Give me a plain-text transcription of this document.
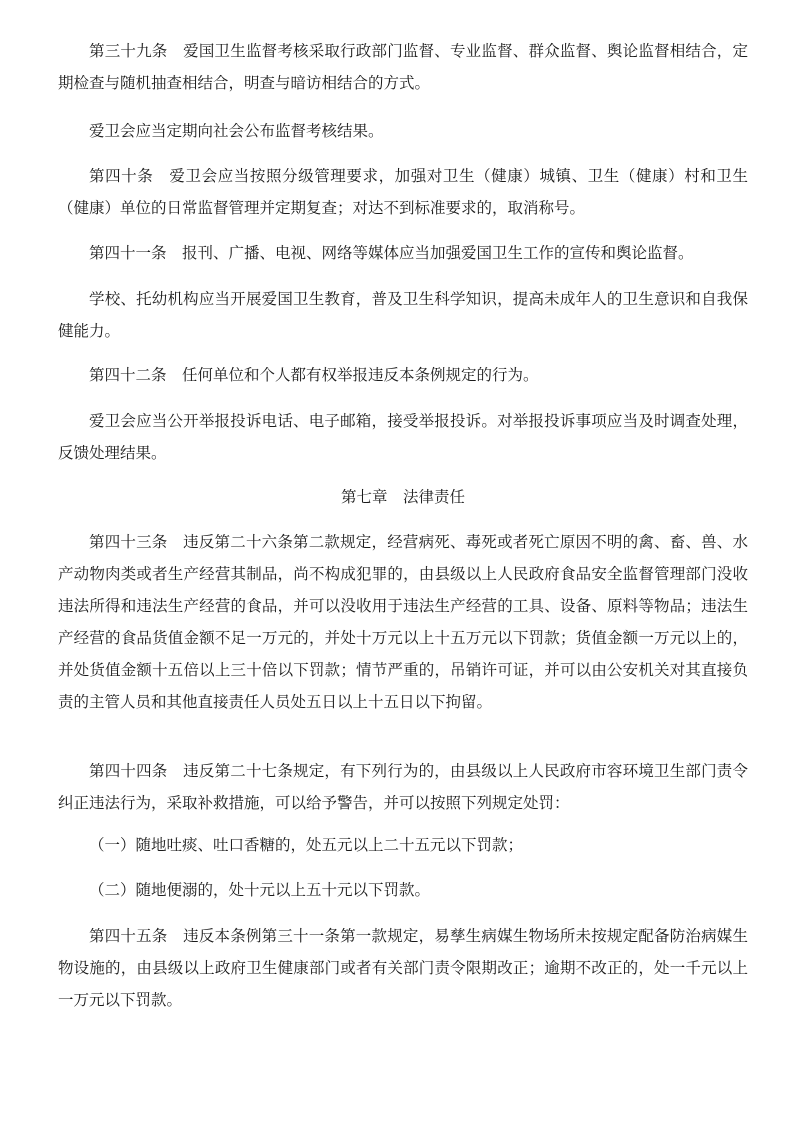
第三十九条　爱国卫生监督考核采取行政部门监督、专业监督、群众监督、舆论监督相结合，定期检查与随机抽查相结合，明查与暗访相结合的方式。

爱卫会应当定期向社会公布监督考核结果。

第四十条　爱卫会应当按照分级管理要求，加强对卫生（健康）城镇、卫生（健康）村和卫生（健康）单位的日常监督管理并定期复查；对达不到标准要求的，取消称号。

第四十一条　报刊、广播、电视、网络等媒体应当加强爱国卫生工作的宣传和舆论监督。

学校、托幼机构应当开展爱国卫生教育，普及卫生科学知识，提高未成年人的卫生意识和自我保健能力。

第四十二条　任何单位和个人都有权举报违反本条例规定的行为。

爱卫会应当公开举报投诉电话、电子邮箱，接受举报投诉。对举报投诉事项应当及时调查处理，反馈处理结果。

第七章　法律责任

第四十三条　违反第二十六条第二款规定，经营病死、毒死或者死亡原因不明的禽、畜、兽、水产动物肉类或者生产经营其制品，尚不构成犯罪的，由县级以上人民政府食品安全监督管理部门没收违法所得和违法生产经营的食品，并可以没收用于违法生产经营的工具、设备、原料等物品；违法生产经营的食品货值金额不足一万元的，并处十万元以上十五万元以下罚款；货值金额一万元以上的，并处货值金额十五倍以上三十倍以下罚款；情节严重的，吊销许可证，并可以由公安机关对其直接负责的主管人员和其他直接责任人员处五日以上十五日以下拘留。

第四十四条　违反第二十七条规定，有下列行为的，由县级以上人民政府市容环境卫生部门责令纠正违法行为，采取补救措施，可以给予警告，并可以按照下列规定处罚：

（一）随地吐痰、吐口香糖的，处五元以上二十五元以下罚款；

（二）随地便溺的，处十元以上五十元以下罚款。

第四十五条　违反本条例第三十一条第一款规定，易孳生病媒生物场所未按规定配备防治病媒生物设施的，由县级以上政府卫生健康部门或者有关部门责令限期改正；逾期不改正的，处一千元以上一万元以下罚款。
